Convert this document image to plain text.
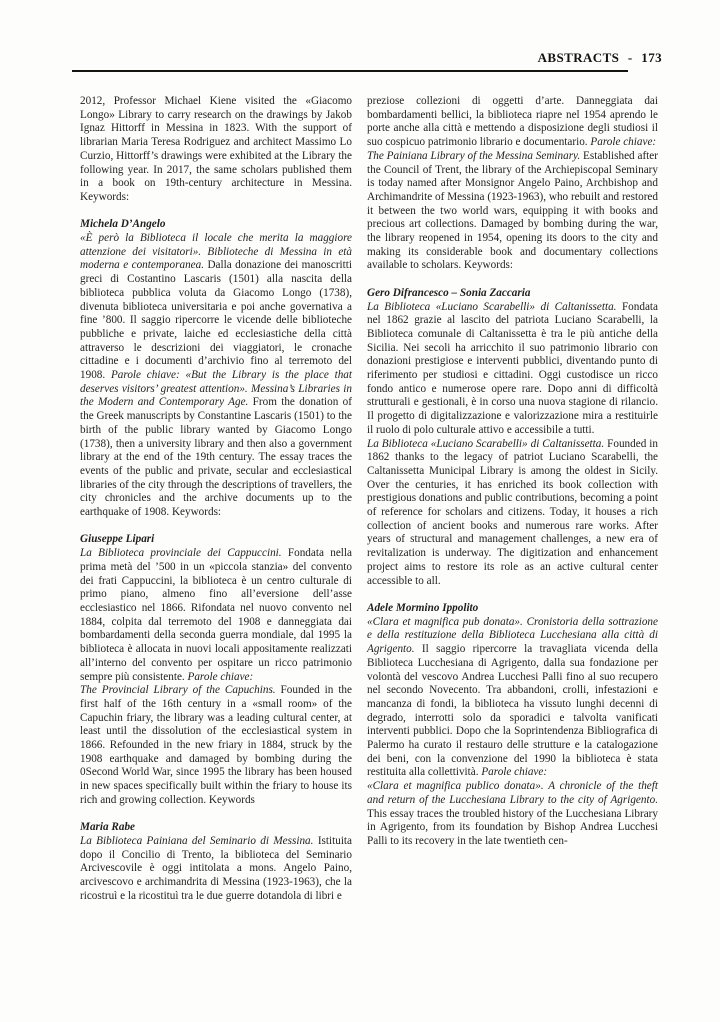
ABSTRACTS - 173

2012, Professor Michael Kiene visited the «Giacomo Longo» Library to carry research on the drawings by Jakob Ignaz Hittorff in Messina in 1823. With the support of librarian Maria Teresa Rodriguez and architect Massimo Lo Curzio, Hittorff’s drawings were exhibited at the Library the following year. In 2017, the same scholars published them in a book on 19th-century architecture in Messina. Keywords:

Michela D’Angelo

«È però la Biblioteca il locale che merita la maggiore attenzione dei visitatori». Biblioteche di Messina in età moderna e contemporanea. Dalla donazione dei manoscritti greci di Costantino Lascaris (1501) alla nascita della biblioteca pubblica voluta da Giacomo Longo (1738), divenuta biblioteca universitaria e poi anche governativa a fine ’800. Il saggio ripercorre le vicende delle biblioteche pubbliche e private, laiche ed ecclesiastiche della città attraverso le descrizioni dei viaggiatori, le cronache cittadine e i documenti d’archivio fino al terremoto del 1908. Parole chiave: «But the Library is the place that deserves visitors’ greatest attention». Messina’s Libraries in the Modern and Contemporary Age. From the donation of the Greek manuscripts by Constantine Lascaris (1501) to the birth of the public library wanted by Giacomo Longo (1738), then a university library and then also a government library at the end of the 19th century. The essay traces the events of the public and private, secular and ecclesiastical libraries of the city through the descriptions of travellers, the city chronicles and the archive documents up to the earthquake of 1908. Keywords:

Giuseppe Lipari

La Biblioteca provinciale dei Cappuccini. Fondata nella prima metà del ’500 in un «piccola stanzia» del convento dei frati Cappuccini, la biblioteca è un centro culturale di primo piano, almeno fino all’eversione dell’asse ecclesiastico nel 1866. Rifondata nel nuovo convento nel 1884, colpita dal terremoto del 1908 e danneggiata dai bombardamenti della seconda guerra mondiale, dal 1995 la biblioteca è allocata in nuovi locali appositamente realizzati all’interno del convento per ospitare un ricco patrimonio sempre più consistente. Parole chiave:

The Provincial Library of the Capuchins. Founded in the first half of the 16th century in a «small room» of the Capuchin friary, the library was a leading cultural center, at least until the dissolution of the ecclesiastical system in 1866. Refounded in the new friary in 1884, struck by the 1908 earthquake and damaged by bombing during the 0Second World War, since 1995 the library has been housed in new spaces specifically built within the friary to house its rich and growing collection. Keywords

Maria Rabe

La Biblioteca Painiana del Seminario di Messina. Istituita dopo il Concilio di Trento, la biblioteca del Seminario Arcivescovile è oggi intitolata a mons. Angelo Paino, arcivescovo e archimandrita di Messina (1923-1963), che la ricostruì e la ricostituì tra le due guerre dotandola di libri e

preziose collezioni di oggetti d’arte. Danneggiata dai bombardamenti bellici, la biblioteca riapre nel 1954 aprendo le porte anche alla città e mettendo a disposizione degli studiosi il suo cospicuo patrimonio librario e documentario. Parole chiave:

The Painiana Library of the Messina Seminary. Established after the Council of Trent, the library of the Archiepiscopal Seminary is today named after Monsignor Angelo Paino, Archbishop and Archimandrite of Messina (1923-1963), who rebuilt and restored it between the two world wars, equipping it with books and precious art collections. Damaged by bombing during the war, the library reopened in 1954, opening its doors to the city and making its considerable book and documentary collections available to scholars. Keywords:

Gero Difrancesco – Sonia Zaccaria

La Biblioteca «Luciano Scarabelli» di Caltanissetta. Fondata nel 1862 grazie al lascito del patriota Luciano Scarabelli, la Biblioteca comunale di Caltanissetta è tra le più antiche della Sicilia. Nei secoli ha arricchito il suo patrimonio librario con donazioni prestigiose e interventi pubblici, diventando punto di riferimento per studiosi e cittadini. Oggi custodisce un ricco fondo antico e numerose opere rare. Dopo anni di difficoltà strutturali e gestionali, è in corso una nuova stagione di rilancio. Il progetto di digitalizzazione e valorizzazione mira a restituirle il ruolo di polo culturale attivo e accessibile a tutti.

La Biblioteca «Luciano Scarabelli» di Caltanissetta. Founded in 1862 thanks to the legacy of patriot Luciano Scarabelli, the Caltanissetta Municipal Library is among the oldest in Sicily. Over the centuries, it has enriched its book collection with prestigious donations and public contributions, becoming a point of reference for scholars and citizens. Today, it houses a rich collection of ancient books and numerous rare works. After years of structural and management challenges, a new era of revitalization is underway. The digitization and enhancement project aims to restore its role as an active cultural center accessible to all.

Adele Mormino Ippolito

«Clara et magnifica pub donata». Cronistoria della sottrazione e della restituzione della Biblioteca Lucchesiana alla città di Agrigento. Il saggio ripercorre la travagliata vicenda della Biblioteca Lucchesiana di Agrigento, dalla sua fondazione per volontà del vescovo Andrea Lucchesi Palli fino al suo recupero nel secondo Novecento. Tra abbandoni, crolli, infestazioni e mancanza di fondi, la biblioteca ha vissuto lunghi decenni di degrado, interrotti solo da sporadici e talvolta vanificati interventi pubblici. Dopo che la Soprintendenza Bibliografica di Palermo ha curato il restauro delle strutture e la catalogazione dei beni, con la convenzione del 1990 la biblioteca è stata restituita alla collettività. Parole chiave:

«Clara et magnifica publico donata». A chronicle of the theft and return of the Lucchesiana Library to the city of Agrigento. This essay traces the troubled history of the Lucchesiana Library in Agrigento, from its foundation by Bishop Andrea Lucchesi Palli to its recovery in the late twentieth cen-
